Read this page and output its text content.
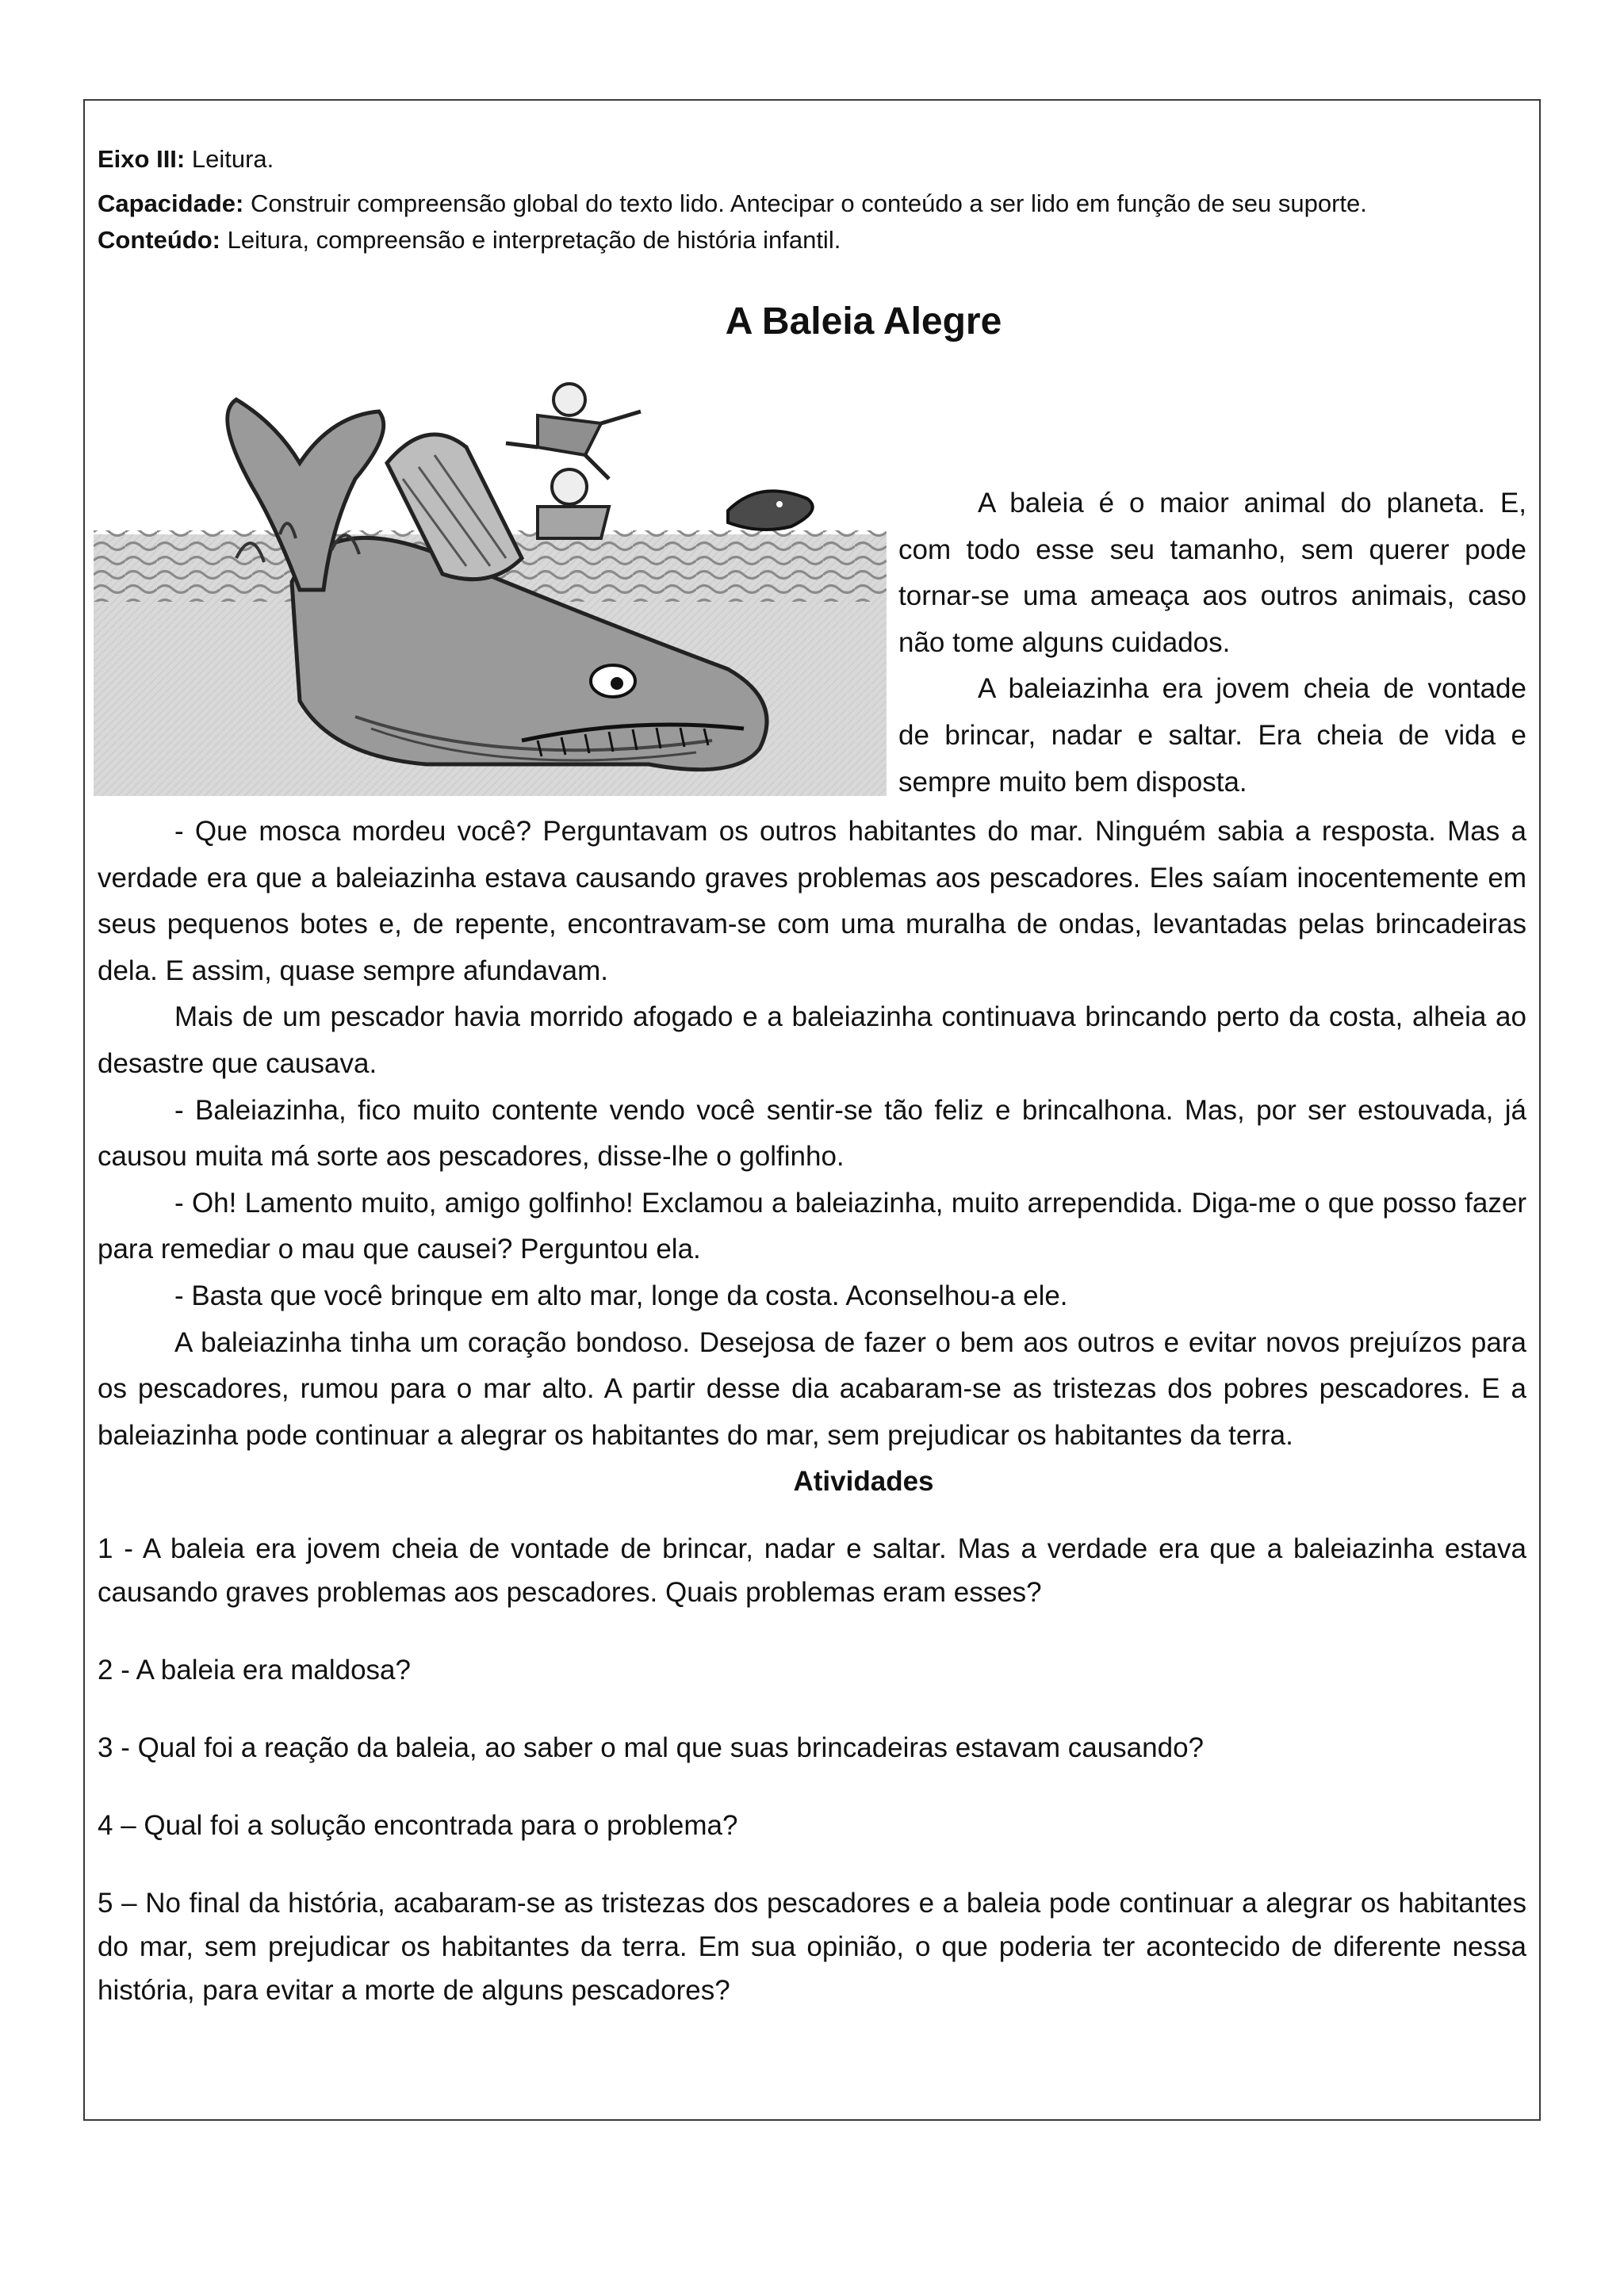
Eixo III: Leitura.
Capacidade: Construir compreensão global do texto lido. Antecipar o conteúdo a ser lido em função de seu suporte.
Conteúdo: Leitura, compreensão e interpretação de história infantil.
A Baleia Alegre

A baleia é o maior animal do planeta. E, com todo esse seu tamanho, sem querer pode tornar-se uma ameaça aos outros animais, caso não tome alguns cuidados.

A baleiazinha era jovem cheia de vontade de brincar, nadar e saltar. Era cheia de vida e sempre muito bem disposta.

- Que mosca mordeu você? Perguntavam os outros habitantes do mar. Ninguém sabia a resposta. Mas a verdade era que a baleiazinha estava causando graves problemas aos pescadores. Eles saíam inocentemente em seus pequenos botes e, de repente, encontravam-se com uma muralha de ondas, levantadas pelas brincadeiras dela. E assim, quase sempre afundavam.

Mais de um pescador havia morrido afogado e a baleiazinha continuava brincando perto da costa, alheia ao desastre que causava.

- Baleiazinha, fico muito contente vendo você sentir-se tão feliz e brincalhona. Mas, por ser estouvada, já causou muita má sorte aos pescadores, disse-lhe o golfinho.

- Oh! Lamento muito, amigo golfinho! Exclamou a baleiazinha, muito arrependida. Diga-me o que posso fazer para remediar o mau que causei? Perguntou ela.

- Basta que você brinque em alto mar, longe da costa. Aconselhou-a ele.

A baleiazinha tinha um coração bondoso. Desejosa de fazer o bem aos outros e evitar novos prejuízos para os pescadores, rumou para o mar alto. A partir desse dia acabaram-se as tristezas dos pobres pescadores. E a baleiazinha pode continuar a alegrar os habitantes do mar, sem prejudicar os habitantes da terra.

Atividades

1 - A baleia era jovem cheia de vontade de brincar, nadar e saltar. Mas a verdade era que a baleiazinha estava causando graves problemas aos pescadores. Quais problemas eram esses?

2 - A baleia era maldosa?

3 - Qual foi a reação da baleia, ao saber o mal que suas brincadeiras estavam causando?

4 – Qual foi a solução encontrada para o problema?

5 – No final da história, acabaram-se as tristezas dos pescadores e a baleia pode continuar a alegrar os habitantes do mar, sem prejudicar os habitantes da terra. Em sua opinião, o que poderia ter acontecido de diferente nessa história, para evitar a morte de alguns pescadores?
